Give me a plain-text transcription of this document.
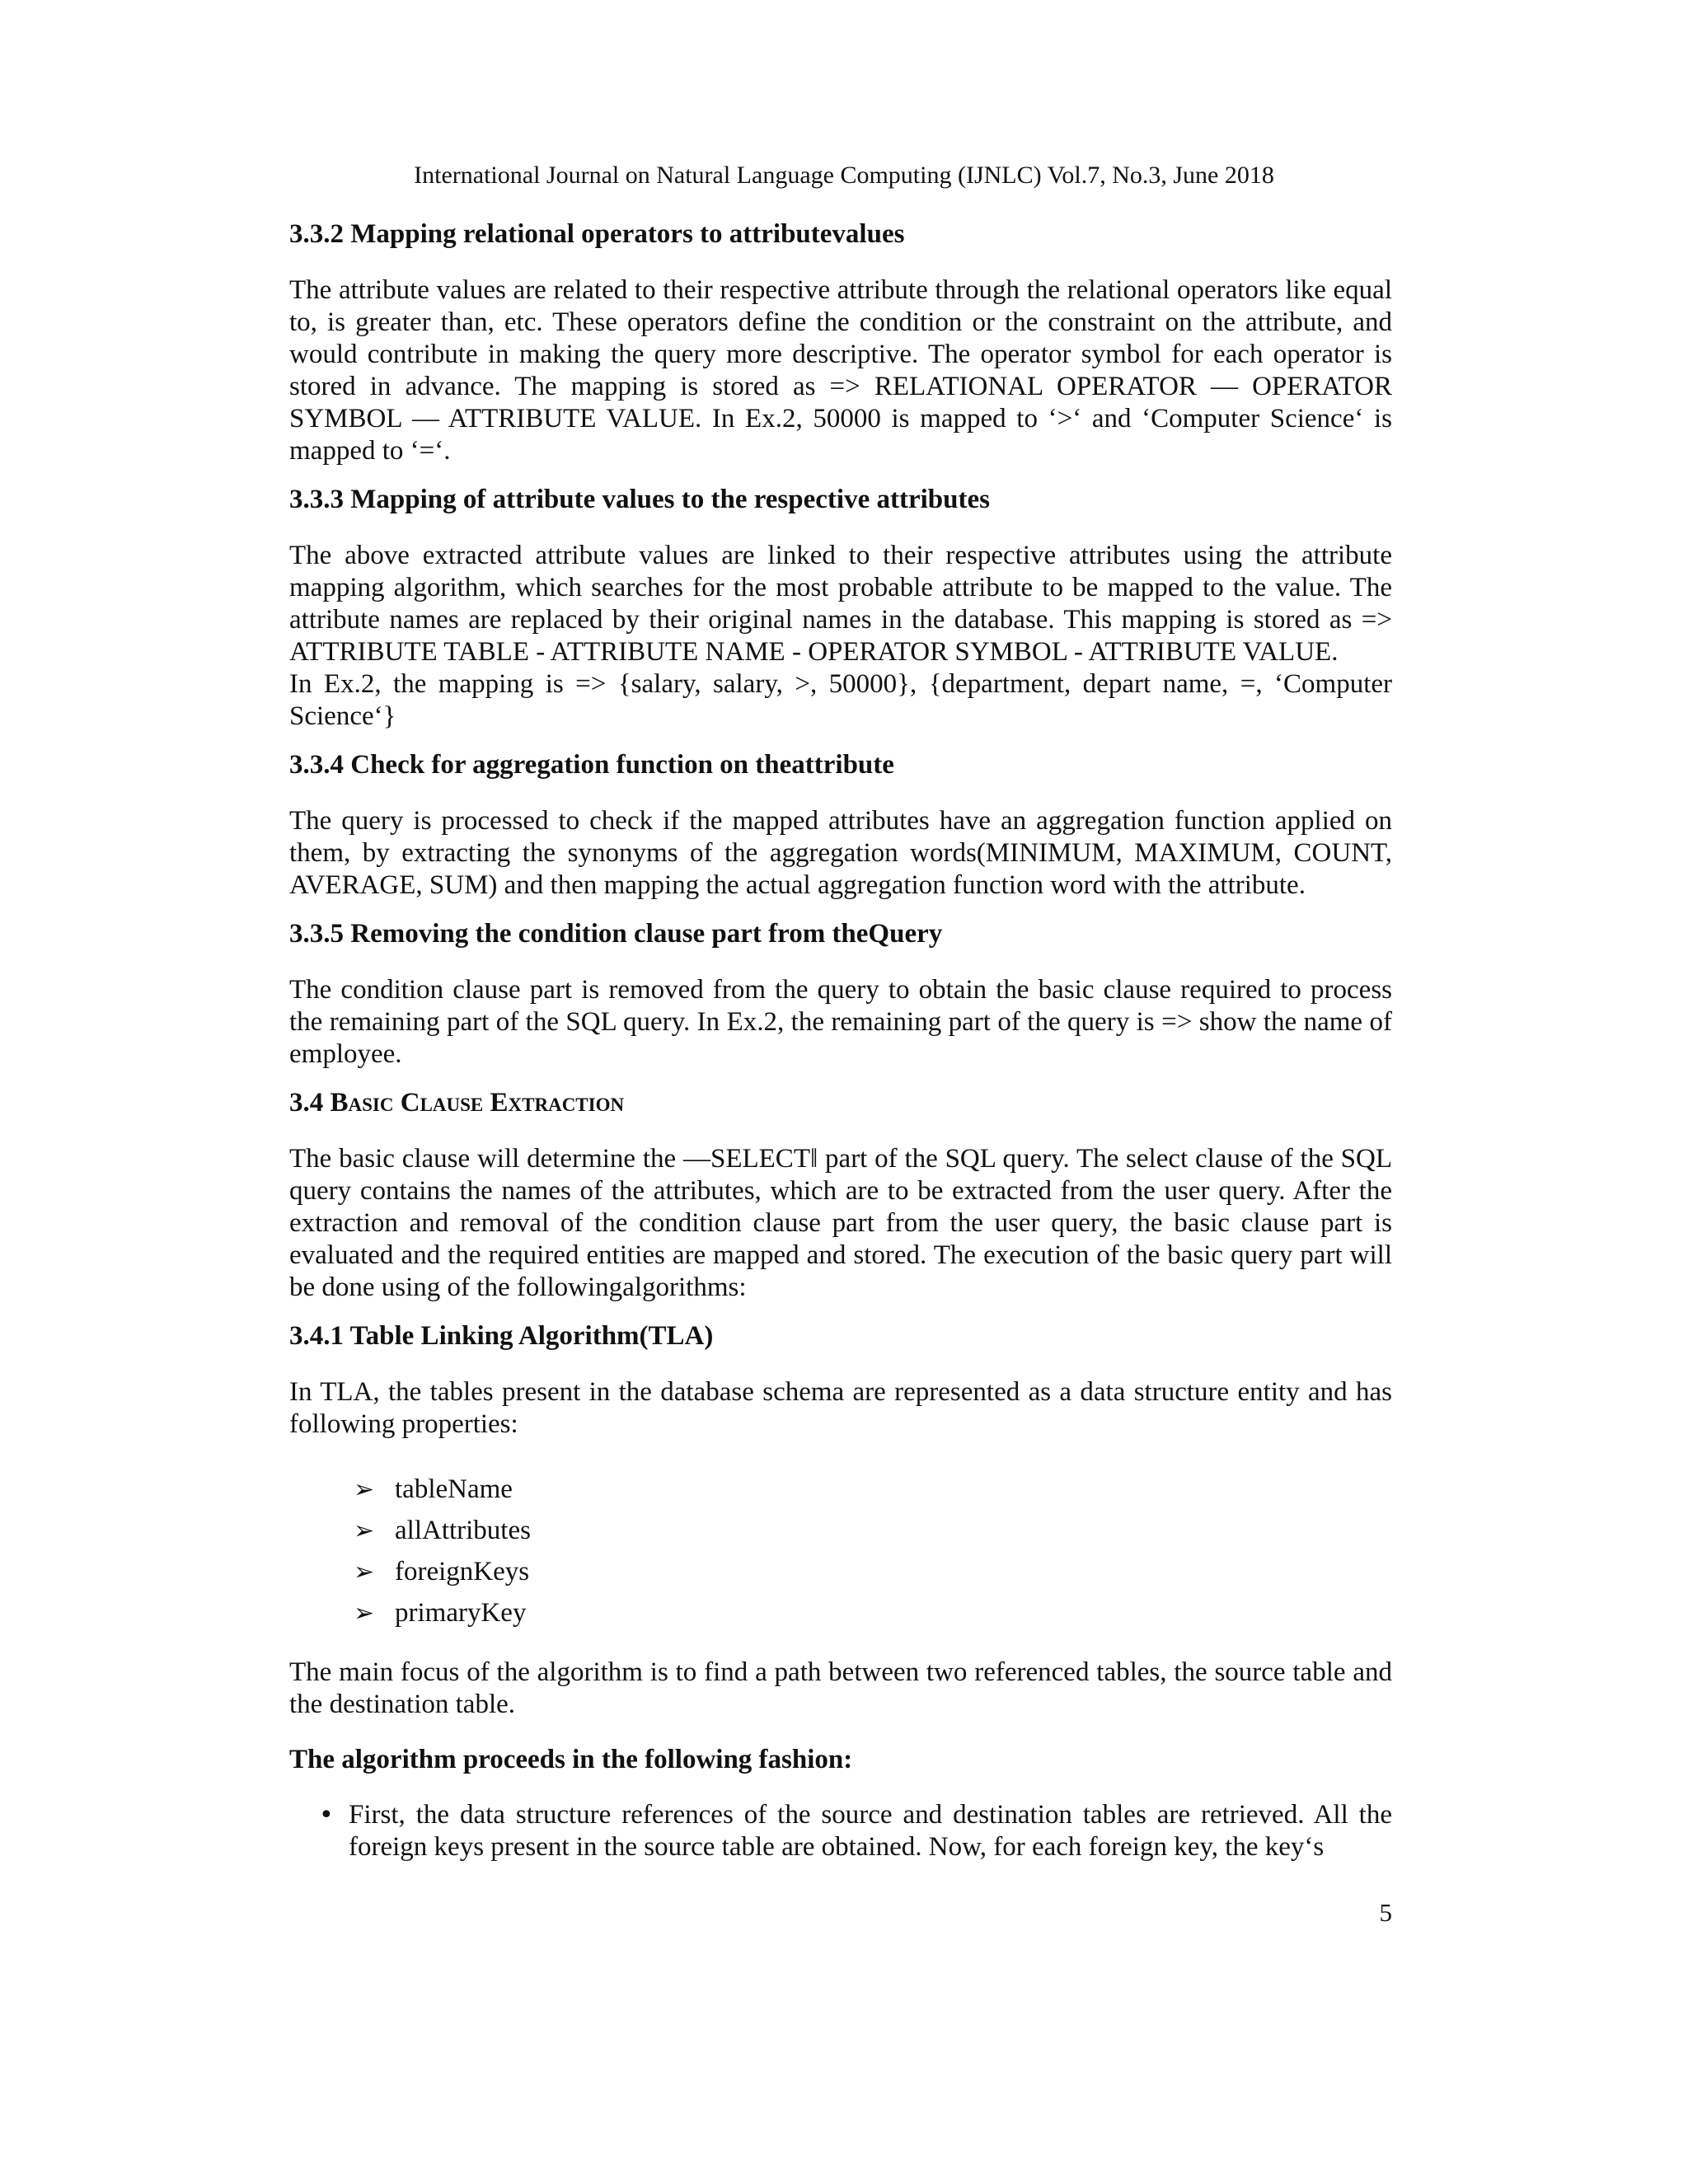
International Journal on Natural Language Computing (IJNLC) Vol.7, No.3, June 2018
3.3.2 Mapping relational operators to attributevalues
The attribute values are related to their respective attribute through the relational operators like equal to, is greater than, etc. These operators define the condition or the constraint on the attribute, and would contribute in making the query more descriptive. The operator symbol for each operator is stored in advance. The mapping is stored as => RELATIONAL OPERATOR ― OPERATOR SYMBOL ― ATTRIBUTE VALUE. In Ex.2, 50000 is mapped to ‘>‘ and ‘Computer Science‘ is mapped to ‘=‘.
3.3.3 Mapping of attribute values to the respective attributes
The above extracted attribute values are linked to their respective attributes using the attribute mapping algorithm, which searches for the most probable attribute to be mapped to the value. The attribute names are replaced by their original names in the database. This mapping is stored as => ATTRIBUTE TABLE - ATTRIBUTE NAME - OPERATOR SYMBOL - ATTRIBUTE VALUE.
In Ex.2, the mapping is => {salary, salary, >, 50000}, {department, depart name, =, ‘Computer Science‘}
3.3.4 Check for aggregation function on theattribute
The query is processed to check if the mapped attributes have an aggregation function applied on them, by extracting the synonyms of the aggregation words(MINIMUM, MAXIMUM, COUNT, AVERAGE, SUM) and then mapping the actual aggregation function word with the attribute.
3.3.5 Removing the condition clause part from theQuery
The condition clause part is removed from the query to obtain the basic clause required to process the remaining part of the SQL query. In Ex.2, the remaining part of the query is => show the name of employee.
3.4 Basic Clause Extraction
The basic clause will determine the ―SELECT‖ part of the SQL query. The select clause of the SQL query contains the names of the attributes, which are to be extracted from the user query. After the extraction and removal of the condition clause part from the user query, the basic clause part is evaluated and the required entities are mapped and stored. The execution of the basic query part will be done using of the followingalgorithms:
3.4.1 Table Linking Algorithm(TLA)
In TLA, the tables present in the database schema are represented as a data structure entity and has following properties:
➢ tableName
➢ allAttributes
➢ foreignKeys
➢ primaryKey
The main focus of the algorithm is to find a path between two referenced tables, the source table and the destination table.
The algorithm proceeds in the following fashion:
• First, the data structure references of the source and destination tables are retrieved. All the foreign keys present in the source table are obtained. Now, for each foreign key, the key‘s
5
